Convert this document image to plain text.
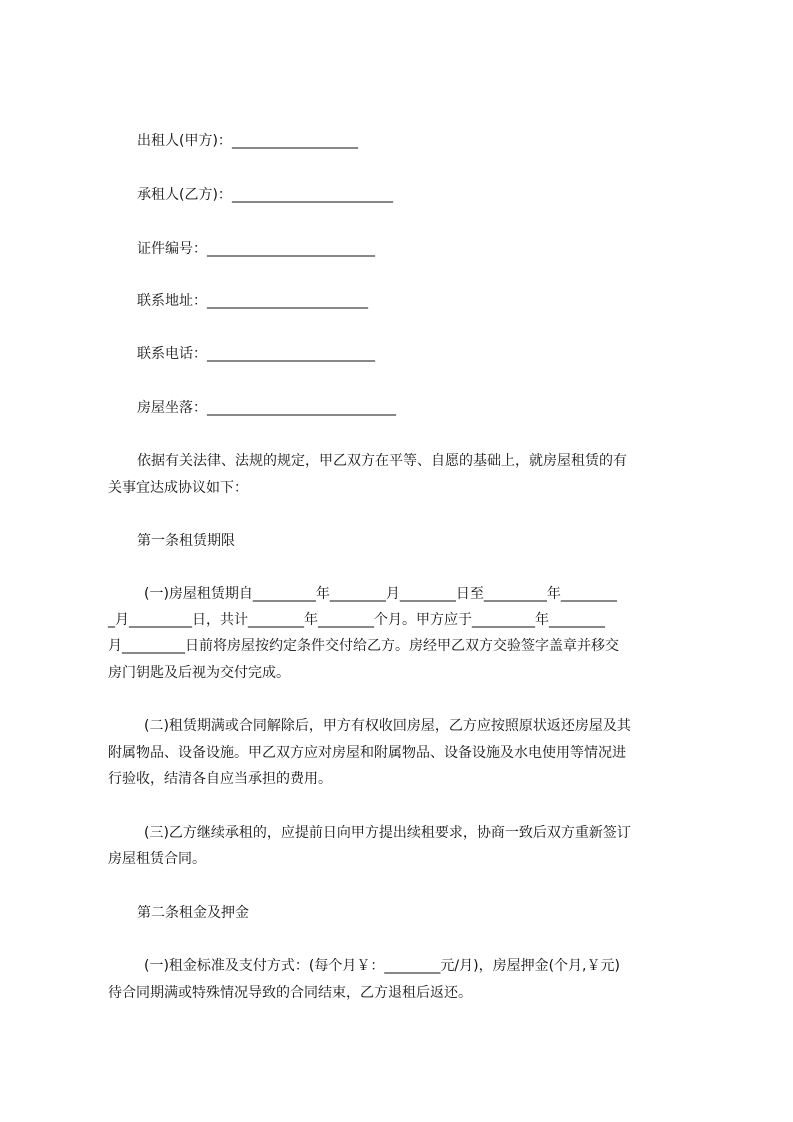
出租人(甲方)：__________________
承租人(乙方)：_______________________
证件编号：________________________
联系地址：_______________________
联系电话：________________________
房屋坐落：___________________________
依据有关法律、法规的规定，甲乙双方在平等、自愿的基础上，就房屋租赁的有
关事宜达成协议如下：
第一条租赁期限
(一)房屋租赁期自_________年________月________日至_________年________
_月_________日，共计________年________个月。甲方应于_________年________
月_________日前将房屋按约定条件交付给乙方。房经甲乙双方交验签字盖章并移交
房门钥匙及后视为交付完成。
(二)租赁期满或合同解除后，甲方有权收回房屋，乙方应按照原状返还房屋及其
附属物品、设备设施。甲乙双方应对房屋和附属物品、设备设施及水电使用等情况进
行验收，结清各自应当承担的费用。
(三)乙方继续承租的，应提前日向甲方提出续租要求，协商一致后双方重新签订
房屋租赁合同。
第二条租金及押金
(一)租金标准及支付方式：(每个月￥：________元/月)，房屋押金(个月,￥元)
待合同期满或特殊情况导致的合同结束，乙方退租后返还。
